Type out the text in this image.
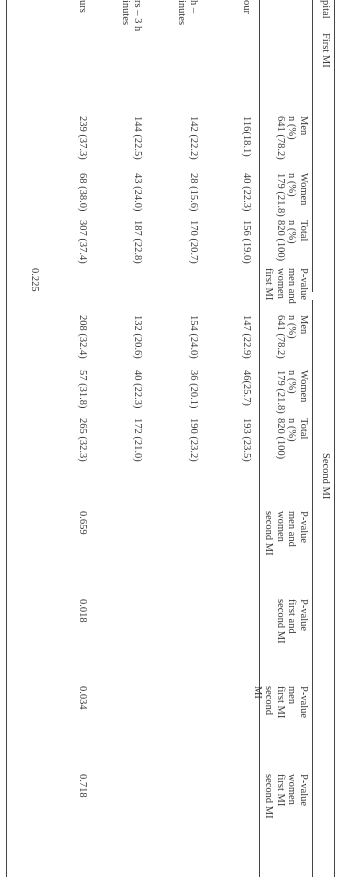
pital
First MI
Second MI
Men
n (%)
641 (78.2)
Women
n (%)
179 (21.8)
Total
n (%)
820 (100)
P-value
men and
women
first MI
Men
n (%)
641 (78.2)
Women
n (%)
179 (21.8)
Total
n (%)
820 (100)
P-value
men and
women
second MI
P-value
first and
second MI
P-value
men
first MI
second
MI
P-value
women
first MI
second MI
our
116(18.1)
40 (22.3)
156 (19.0)
147 (22.9)
46(25.7)
193 (23.5)
h –
inutes
142 (22.2)
28 (15.6)
170 (20.7)
154 (24.0)
36 (20.1)
190 (23.2)
rs – 3 h
inutes
144 (22.5)
43 (24.0)
187 (22.8)
132 (20.6)
40 (22.3)
172 (21.0)
urs
239 (37.3)
68 (38.0)
307 (37.4)
208 (32.4)
57 (31.8)
265 (32.3)
0.659
0.018
0.034
0.718
0.225
